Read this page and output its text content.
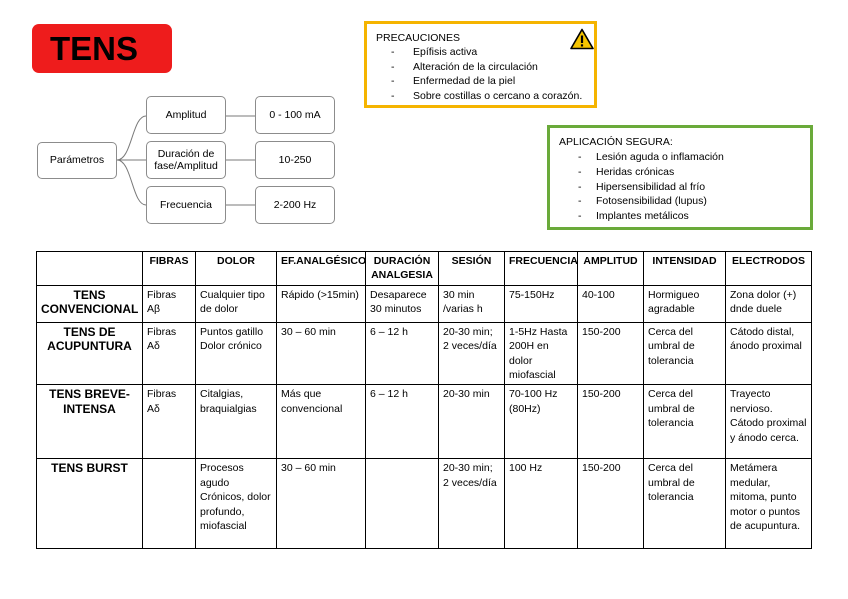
TENS	PRECAUCIONES
- Epífisis activa
- Alteración de la circulación
- Enfermedad de la piel
- Sobre costillas o cercano a corazón.
APLICACIÓN SEGURA:
- Lesión aguda o inflamación
- Heridas crónicas
- Hipersensibilidad al frío
- Fotosensibilidad (lupus)
- Implantes metálicos
Parámetros
Amplitud
Duración de fase/Amplitud
Frecuencia
0 - 100 mA
10-250
2-200 Hz
	FIBRAS	DOLOR	EF.ANALGÉSICO	DURACIÓN ANALGESIA	SESIÓN	FRECUENCIA	AMPLITUD	INTENSIDAD	ELECTRODOS
TENS CONVENCIONAL	Fibras Aβ	Cualquier tipo de dolor	Rápido (>15min)	Desaparece 30 minutos	30 min /varias h	75-150Hz	40-100	Hormigueo agradable	Zona dolor (+) dnde duele
TENS DE ACUPUNTURA	Fibras Aδ	Puntos gatillo Dolor crónico	30 – 60 min	6 – 12 h	20-30 min; 2 veces/día	1-5Hz Hasta 200H en dolor miofascial	150-200	Cerca del umbral de tolerancia	Cátodo distal, ánodo proximal
TENS BREVE-INTENSA	Fibras Aδ	Citalgias, braquialgias	Más que convencional	6 – 12 h	20-30 min	70-100 Hz (80Hz)	150-200	Cerca del umbral de tolerancia	Trayecto nervioso. Cátodo proximal y ánodo cerca.
TENS BURST		Procesos agudo Crónicos, dolor profundo, miofascial	30 – 60 min		20-30 min; 2 veces/día	100 Hz	150-200	Cerca del umbral de tolerancia	Metámera medular, mitoma, punto motor o puntos de acupuntura.
